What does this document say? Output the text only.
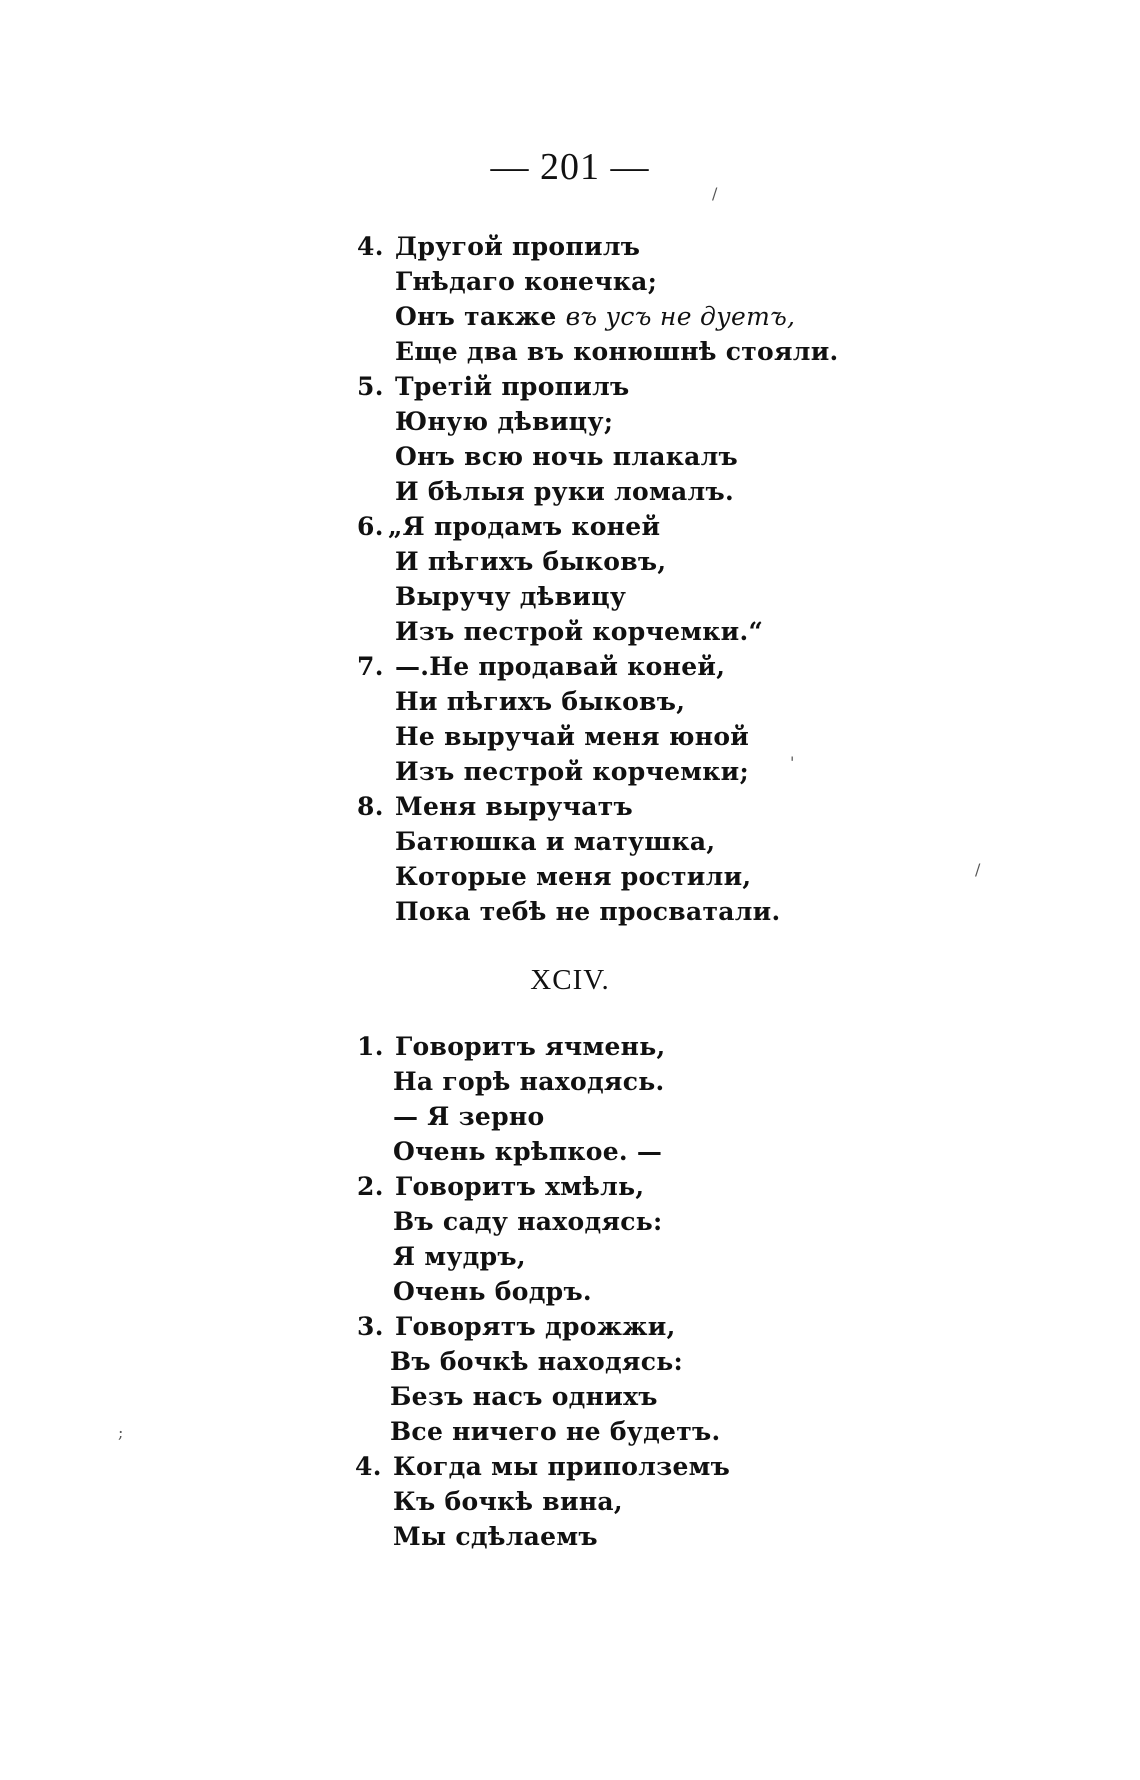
— 201 —
4. Другой пропилъ
Гнѣдаго конечка;
Онъ также въ усъ не дуетъ,
Еще два въ конюшнѣ стояли.
5. Третій пропилъ
Юную дѣвицу;
Онъ всю ночь плакалъ
И бѣлыя руки ломалъ.
6. „Я продамъ коней
И пѣгихъ быковъ,
Выручу дѣвицу
Изъ пестрой корчемки.“
7. —.Не продавай коней,
Ни пѣгихъ быковъ,
Не выручай меня юной
Изъ пестрой корчемки;
8. Меня выручатъ
Батюшка и матушка,
Которые меня ростили,
Пока тебѣ не просватали.
XCIV.
1. Говоритъ ячмень,
На горѣ находясь.
— Я зерно
Очень крѣпкое. —
2. Говоритъ хмѣль,
Въ саду находясь:
Я мудръ,
Очень бодръ.
3. Говорятъ дрожжи,
Въ бочкѣ находясь:
Безъ насъ однихъ
Все ничего не будетъ.
4. Когда мы приполземъ
Къ бочкѣ вина,
Мы сдѣлаемъ
/
/
'
;
